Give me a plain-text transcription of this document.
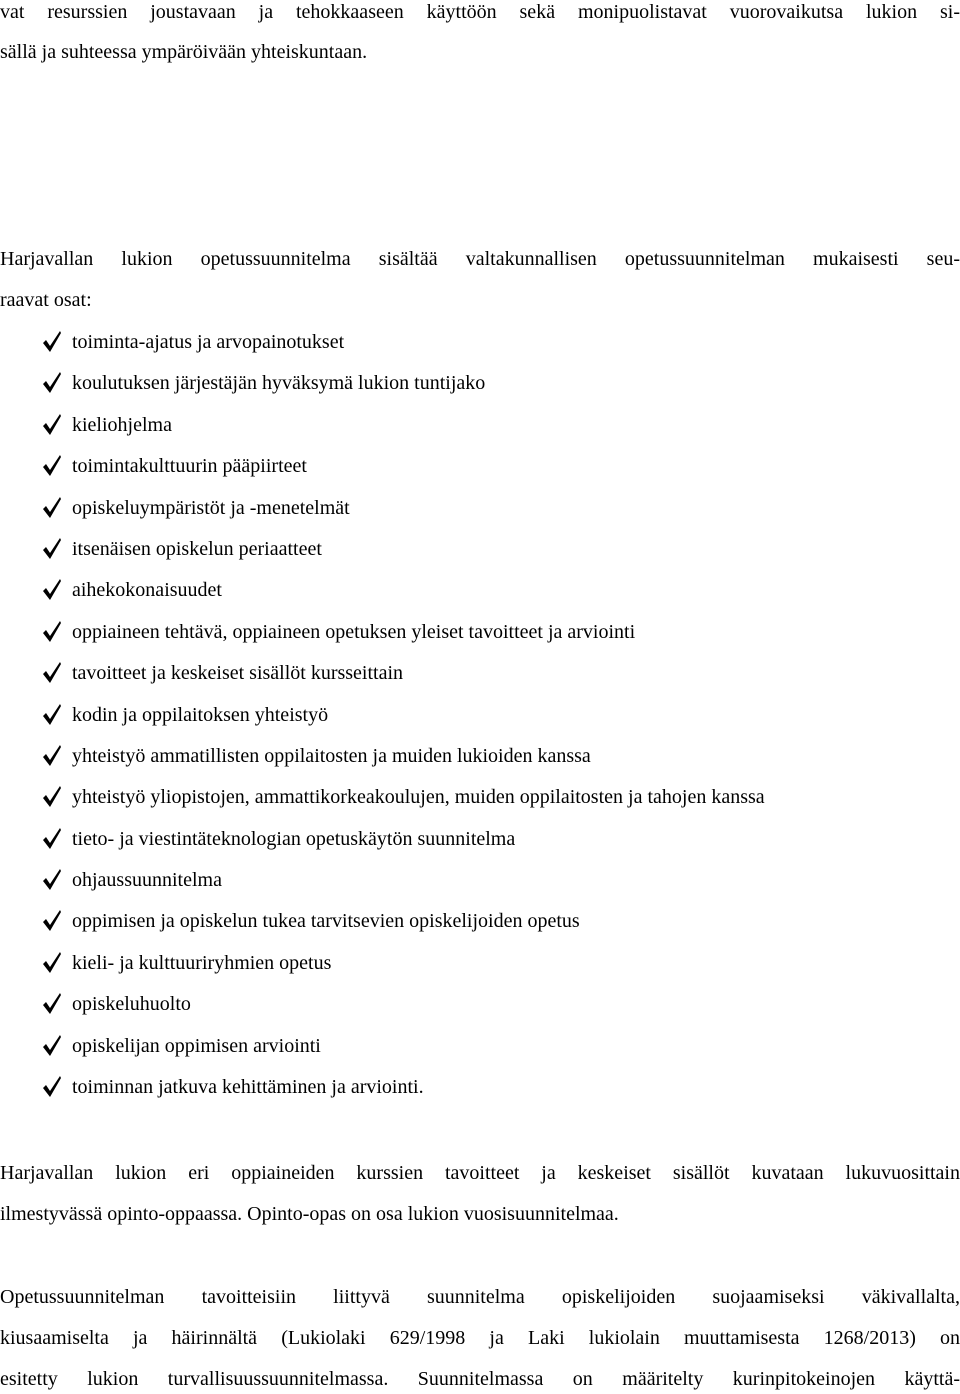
vat resurssien joustavaan ja tehokkaaseen käyttöön sekä monipuolistavat vuorovaikutsa lukion si-
sällä ja suhteessa ympäröivään yhteiskuntaan.
Harjavallan lukion opetussuunnitelma sisältää valtakunnallisen opetussuunnitelman mukaisesti seu-
raavat osat:
toiminta-ajatus ja arvopainotukset
koulutuksen järjestäjän hyväksymä lukion tuntijako
kieliohjelma
toimintakulttuurin pääpiirteet
opiskeluympäristöt ja -menetelmät
itsenäisen opiskelun periaatteet
aihekokonaisuudet
oppiaineen tehtävä, oppiaineen opetuksen yleiset tavoitteet ja arviointi
tavoitteet ja keskeiset sisällöt kursseittain
kodin ja oppilaitoksen yhteistyö
yhteistyö ammatillisten oppilaitosten ja muiden lukioiden kanssa
yhteistyö yliopistojen, ammattikorkeakoulujen, muiden oppilaitosten ja tahojen kanssa
tieto- ja viestintäteknologian opetuskäytön suunnitelma
ohjaussuunnitelma
oppimisen ja opiskelun tukea tarvitsevien opiskelijoiden opetus
kieli- ja kulttuuriryhmien opetus
opiskeluhuolto
opiskelijan oppimisen arviointi
toiminnan jatkuva kehittäminen ja arviointi.
Harjavallan lukion eri oppiaineiden kurssien tavoitteet ja keskeiset sisällöt kuvataan lukuvuosittain
ilmestyvässä opinto-oppaassa. Opinto-opas on osa lukion vuosisuunnitelmaa.
Opetussuunnitelman tavoitteisiin liittyvä suunnitelma opiskelijoiden suojaamiseksi väkivallalta,
kiusaamiselta ja häirinnältä (Lukiolaki 629/1998 ja Laki lukiolain muuttamisesta 1268/2013) on
esitetty lukion turvallisuussuunnitelmassa. Suunnitelmassa on määritelty kurinpitokeinojen käyttä-
